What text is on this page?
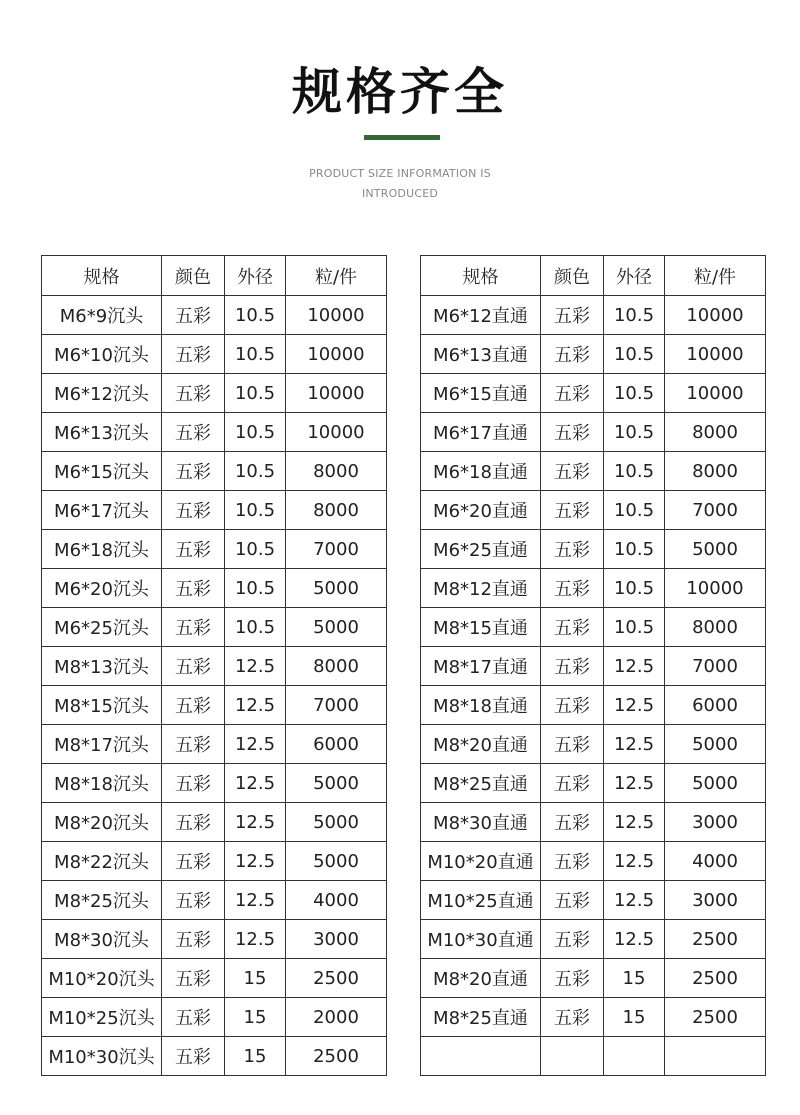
规格齐全
PRODUCT SIZE INFORMATION IS
INTRODUCED
规格	颜色	外径	粒/件
M6*9沉头	五彩	10.5	10000
M6*10沉头	五彩	10.5	10000
M6*12沉头	五彩	10.5	10000
M6*13沉头	五彩	10.5	10000
M6*15沉头	五彩	10.5	8000
M6*17沉头	五彩	10.5	8000
M6*18沉头	五彩	10.5	7000
M6*20沉头	五彩	10.5	5000
M6*25沉头	五彩	10.5	5000
M8*13沉头	五彩	12.5	8000
M8*15沉头	五彩	12.5	7000
M8*17沉头	五彩	12.5	6000
M8*18沉头	五彩	12.5	5000
M8*20沉头	五彩	12.5	5000
M8*22沉头	五彩	12.5	5000
M8*25沉头	五彩	12.5	4000
M8*30沉头	五彩	12.5	3000
M10*20沉头	五彩	15	2500
M10*25沉头	五彩	15	2000
M10*30沉头	五彩	15	2500
规格	颜色	外径	粒/件
M6*12直通	五彩	10.5	10000
M6*13直通	五彩	10.5	10000
M6*15直通	五彩	10.5	10000
M6*17直通	五彩	10.5	8000
M6*18直通	五彩	10.5	8000
M6*20直通	五彩	10.5	7000
M6*25直通	五彩	10.5	5000
M8*12直通	五彩	10.5	10000
M8*15直通	五彩	10.5	8000
M8*17直通	五彩	12.5	7000
M8*18直通	五彩	12.5	6000
M8*20直通	五彩	12.5	5000
M8*25直通	五彩	12.5	5000
M8*30直通	五彩	12.5	3000
M10*20直通	五彩	12.5	4000
M10*25直通	五彩	12.5	3000
M10*30直通	五彩	12.5	2500
M8*20直通	五彩	15	2500
M8*25直通	五彩	15	2500
